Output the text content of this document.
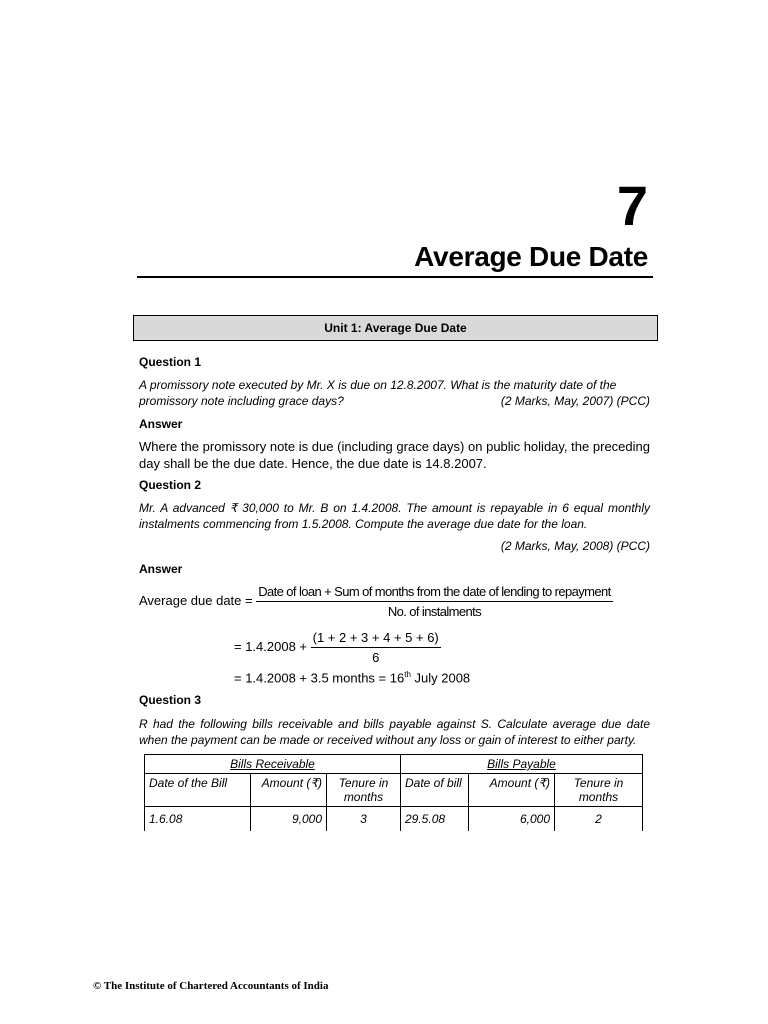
7
Average Due Date
Unit 1: Average Due Date
Question 1
A promissory note executed by Mr. X is due on 12.8.2007. What is the maturity date of the
promissory note including grace days?	(2 Marks, May, 2007) (PCC)
Answer
Where the promissory note is due (including grace days) on public holiday, the preceding day shall be the due date. Hence, the due date is 14.8.2007.
Question 2
Mr. A advanced ₹ 30,000 to Mr. B on 1.4.2008. The amount is repayable in 6 equal monthly instalments commencing from 1.5.2008. Compute the average due date for the loan.
(2 Marks, May, 2008) (PCC)
Answer
Average due date =
Date of loan + Sum of months from the date of lending to repayment
No. of instalments
= $1.4.2008 + \frac{(1 + 2 + 3 + 4 + 5 + 6)}{6}$
= 1.4.2008 + 3.5 months = 16th July 2008
Question 3
R had the following bills receivable and bills payable against S. Calculate average due date when the payment can be made or received without any loss or gain of interest to either party.
Bills Receivable			Bills Payable		
Date of the Bill	Amount (₹)	Tenure in months	Date of bill	Amount (₹)	Tenure in months
1.6.08	9,000	3	29.5.08	6,000	2
© The Institute of Chartered Accountants of India
